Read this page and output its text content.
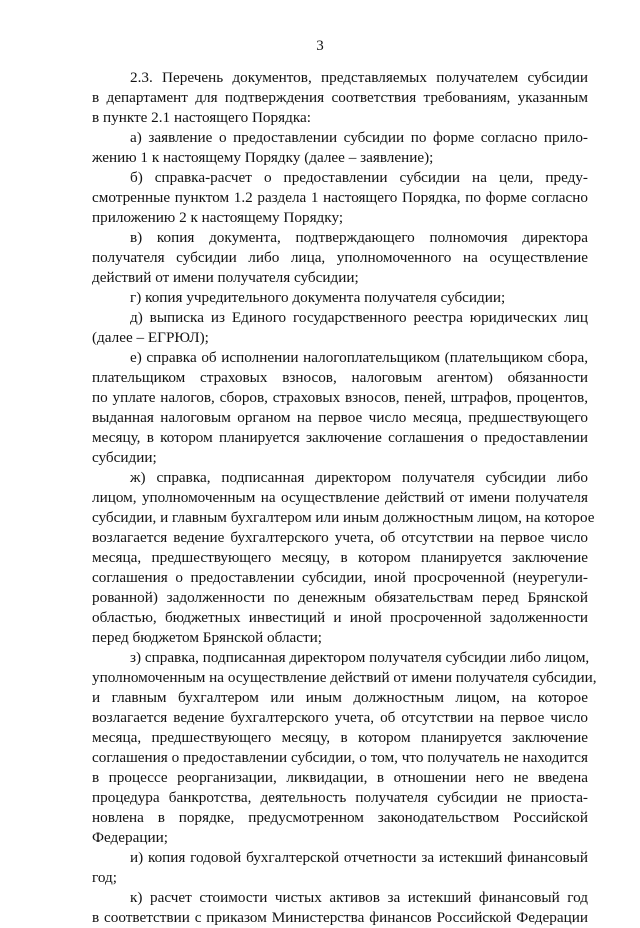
3
2.3. Перечень документов, представляемых получателем субсидии
в департамент для подтверждения соответствия требованиям, указанным
в пункте 2.1 настоящего Порядка:
а) заявление о предоставлении субсидии по форме согласно прило-
жению 1 к настоящему Порядку (далее – заявление);
б) справка-расчет о предоставлении субсидии на цели, преду-
смотренные пунктом 1.2 раздела 1 настоящего Порядка, по форме согласно
приложению 2 к настоящему Порядку;
в) копия документа, подтверждающего полномочия директора
получателя субсидии либо лица, уполномоченного на осуществление
действий от имени получателя субсидии;
г) копия учредительного документа получателя субсидии;
д) выписка из Единого государственного реестра юридических лиц
(далее – ЕГРЮЛ);
е) справка об исполнении налогоплательщиком (плательщиком сбора,
плательщиком страховых взносов, налоговым агентом) обязанности
по уплате налогов, сборов, страховых взносов, пеней, штрафов, процентов,
выданная налоговым органом на первое число месяца, предшествующего
месяцу, в котором планируется заключение соглашения о предоставлении
субсидии;
ж) справка, подписанная директором получателя субсидии либо
лицом, уполномоченным на осуществление действий от имени получателя
субсидии, и главным бухгалтером или иным должностным лицом, на которое
возлагается ведение бухгалтерского учета, об отсутствии на первое число
месяца, предшествующего месяцу, в котором планируется заключение
соглашения о предоставлении субсидии, иной просроченной (неурегули-
рованной) задолженности по денежным обязательствам перед Брянской
областью, бюджетных инвестиций и иной просроченной задолженности
перед бюджетом Брянской области;
з) справка, подписанная директором получателя субсидии либо лицом,
уполномоченным на осуществление действий от имени получателя субсидии,
и главным бухгалтером или иным должностным лицом, на которое
возлагается ведение бухгалтерского учета, об отсутствии на первое число
месяца, предшествующего месяцу, в котором планируется заключение
соглашения о предоставлении субсидии, о том, что получатель не находится
в процессе реорганизации, ликвидации, в отношении него не введена
процедура банкротства, деятельность получателя субсидии не приоста-
новлена в порядке, предусмотренном законодательством Российской
Федерации;
и) копия годовой бухгалтерской отчетности за истекший финансовый
год;
к) расчет стоимости чистых активов за истекший финансовый год
в соответствии с приказом Министерства финансов Российской Федерации
